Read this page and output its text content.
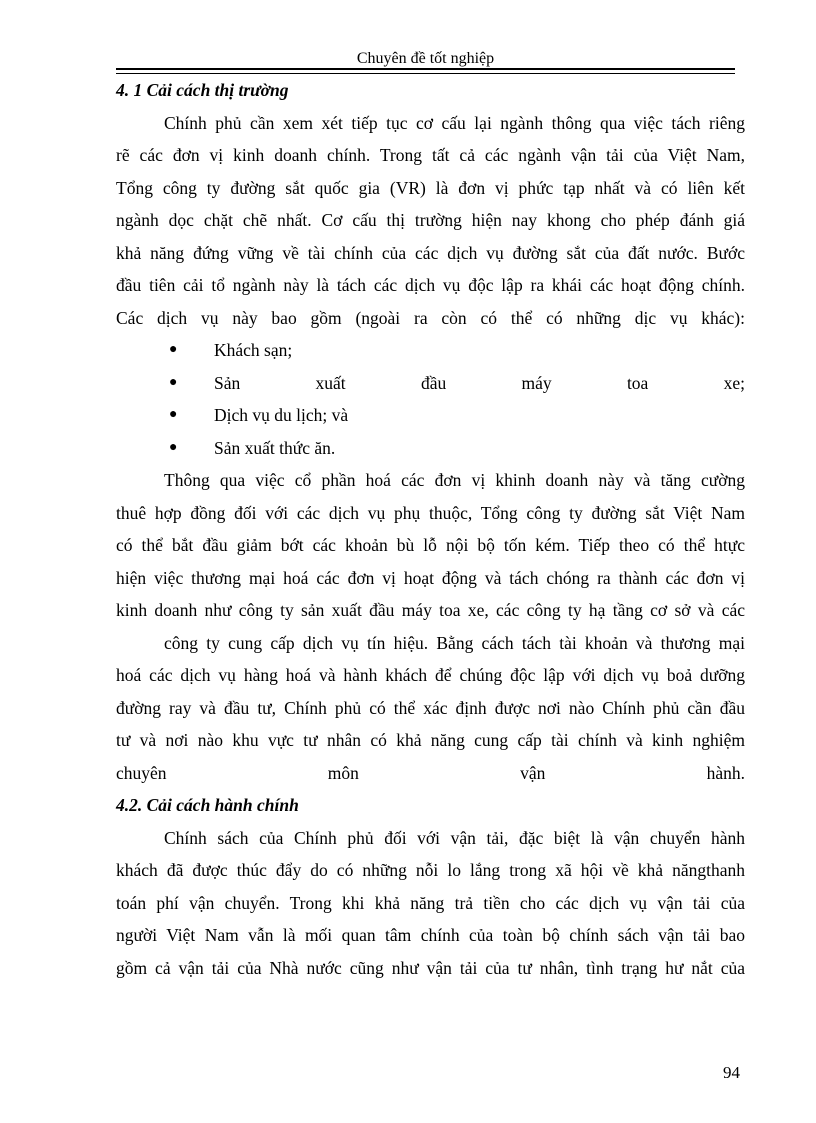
Chuyên đề tốt nghiệp
4. 1 Cải cách thị trường
Chính phủ cần xem xét tiếp tục cơ cấu lại ngành thông qua việc tách riêng
rẽ các đơn vị kinh doanh chính. Trong tất cả các ngành vận tải của Việt Nam,
Tổng công ty đường sắt quốc gia (VR) là đơn vị phức tạp nhất và có liên kết
ngành dọc chặt chẽ nhất. Cơ cấu thị trường hiện nay khong cho phép đánh giá
khả năng đứng vững về tài chính của các dịch vụ đường sắt của đất nước. Bước
đầu tiên cải tổ ngành này là tách các dịch vụ độc lập ra khái các hoạt động chính.
Các dịch vụ này bao gồm (ngoài ra còn có thể có những dịc vụ khác):
● Khách sạn;
● Sản xuất đầu máy toa xe;
● Dịch vụ du lịch; và
● Sản xuất thức ăn.
Thông qua việc cổ phần hoá các đơn vị khinh doanh này và tăng cường
thuê hợp đồng đối với các dịch vụ phụ thuộc, Tổng công ty đường sắt Việt Nam
có thể bắt đầu giảm bớt các khoản bù lỗ nội bộ tốn kém. Tiếp theo có thể htực
hiện việc thương mại hoá các đơn vị hoạt động và tách chóng ra thành các đơn vị
kinh doanh như công ty sản xuất đầu máy toa xe, các công ty hạ tầng cơ sở và các
công ty cung cấp dịch vụ tín hiệu. Bằng cách tách tài khoản và thương mại
hoá các dịch vụ hàng hoá và hành khách để chúng độc lập với dịch vụ boả dưỡng
đường ray và đầu tư, Chính phủ có thể xác định được nơi nào Chính phủ cần đầu
tư và nơi nào khu vực tư nhân có khả năng cung cấp tài chính và kinh nghiệm
chuyên môn vận hành.
4.2. Cải cách hành chính
Chính sách của Chính phủ đối với vận tải, đặc biệt là vận chuyển hành
khách đã được thúc đẩy do có những nỗi lo lắng trong xã hội về khả năngthanh
toán phí vận chuyển. Trong khi khả năng trả tiền cho các dịch vụ vận tải của
người Việt Nam vẫn là mối quan tâm chính của toàn bộ chính sách vận tải bao
gồm cả vận tải của Nhà nước cũng như vận tải của tư nhân, tình trạng hư nắt của
94
